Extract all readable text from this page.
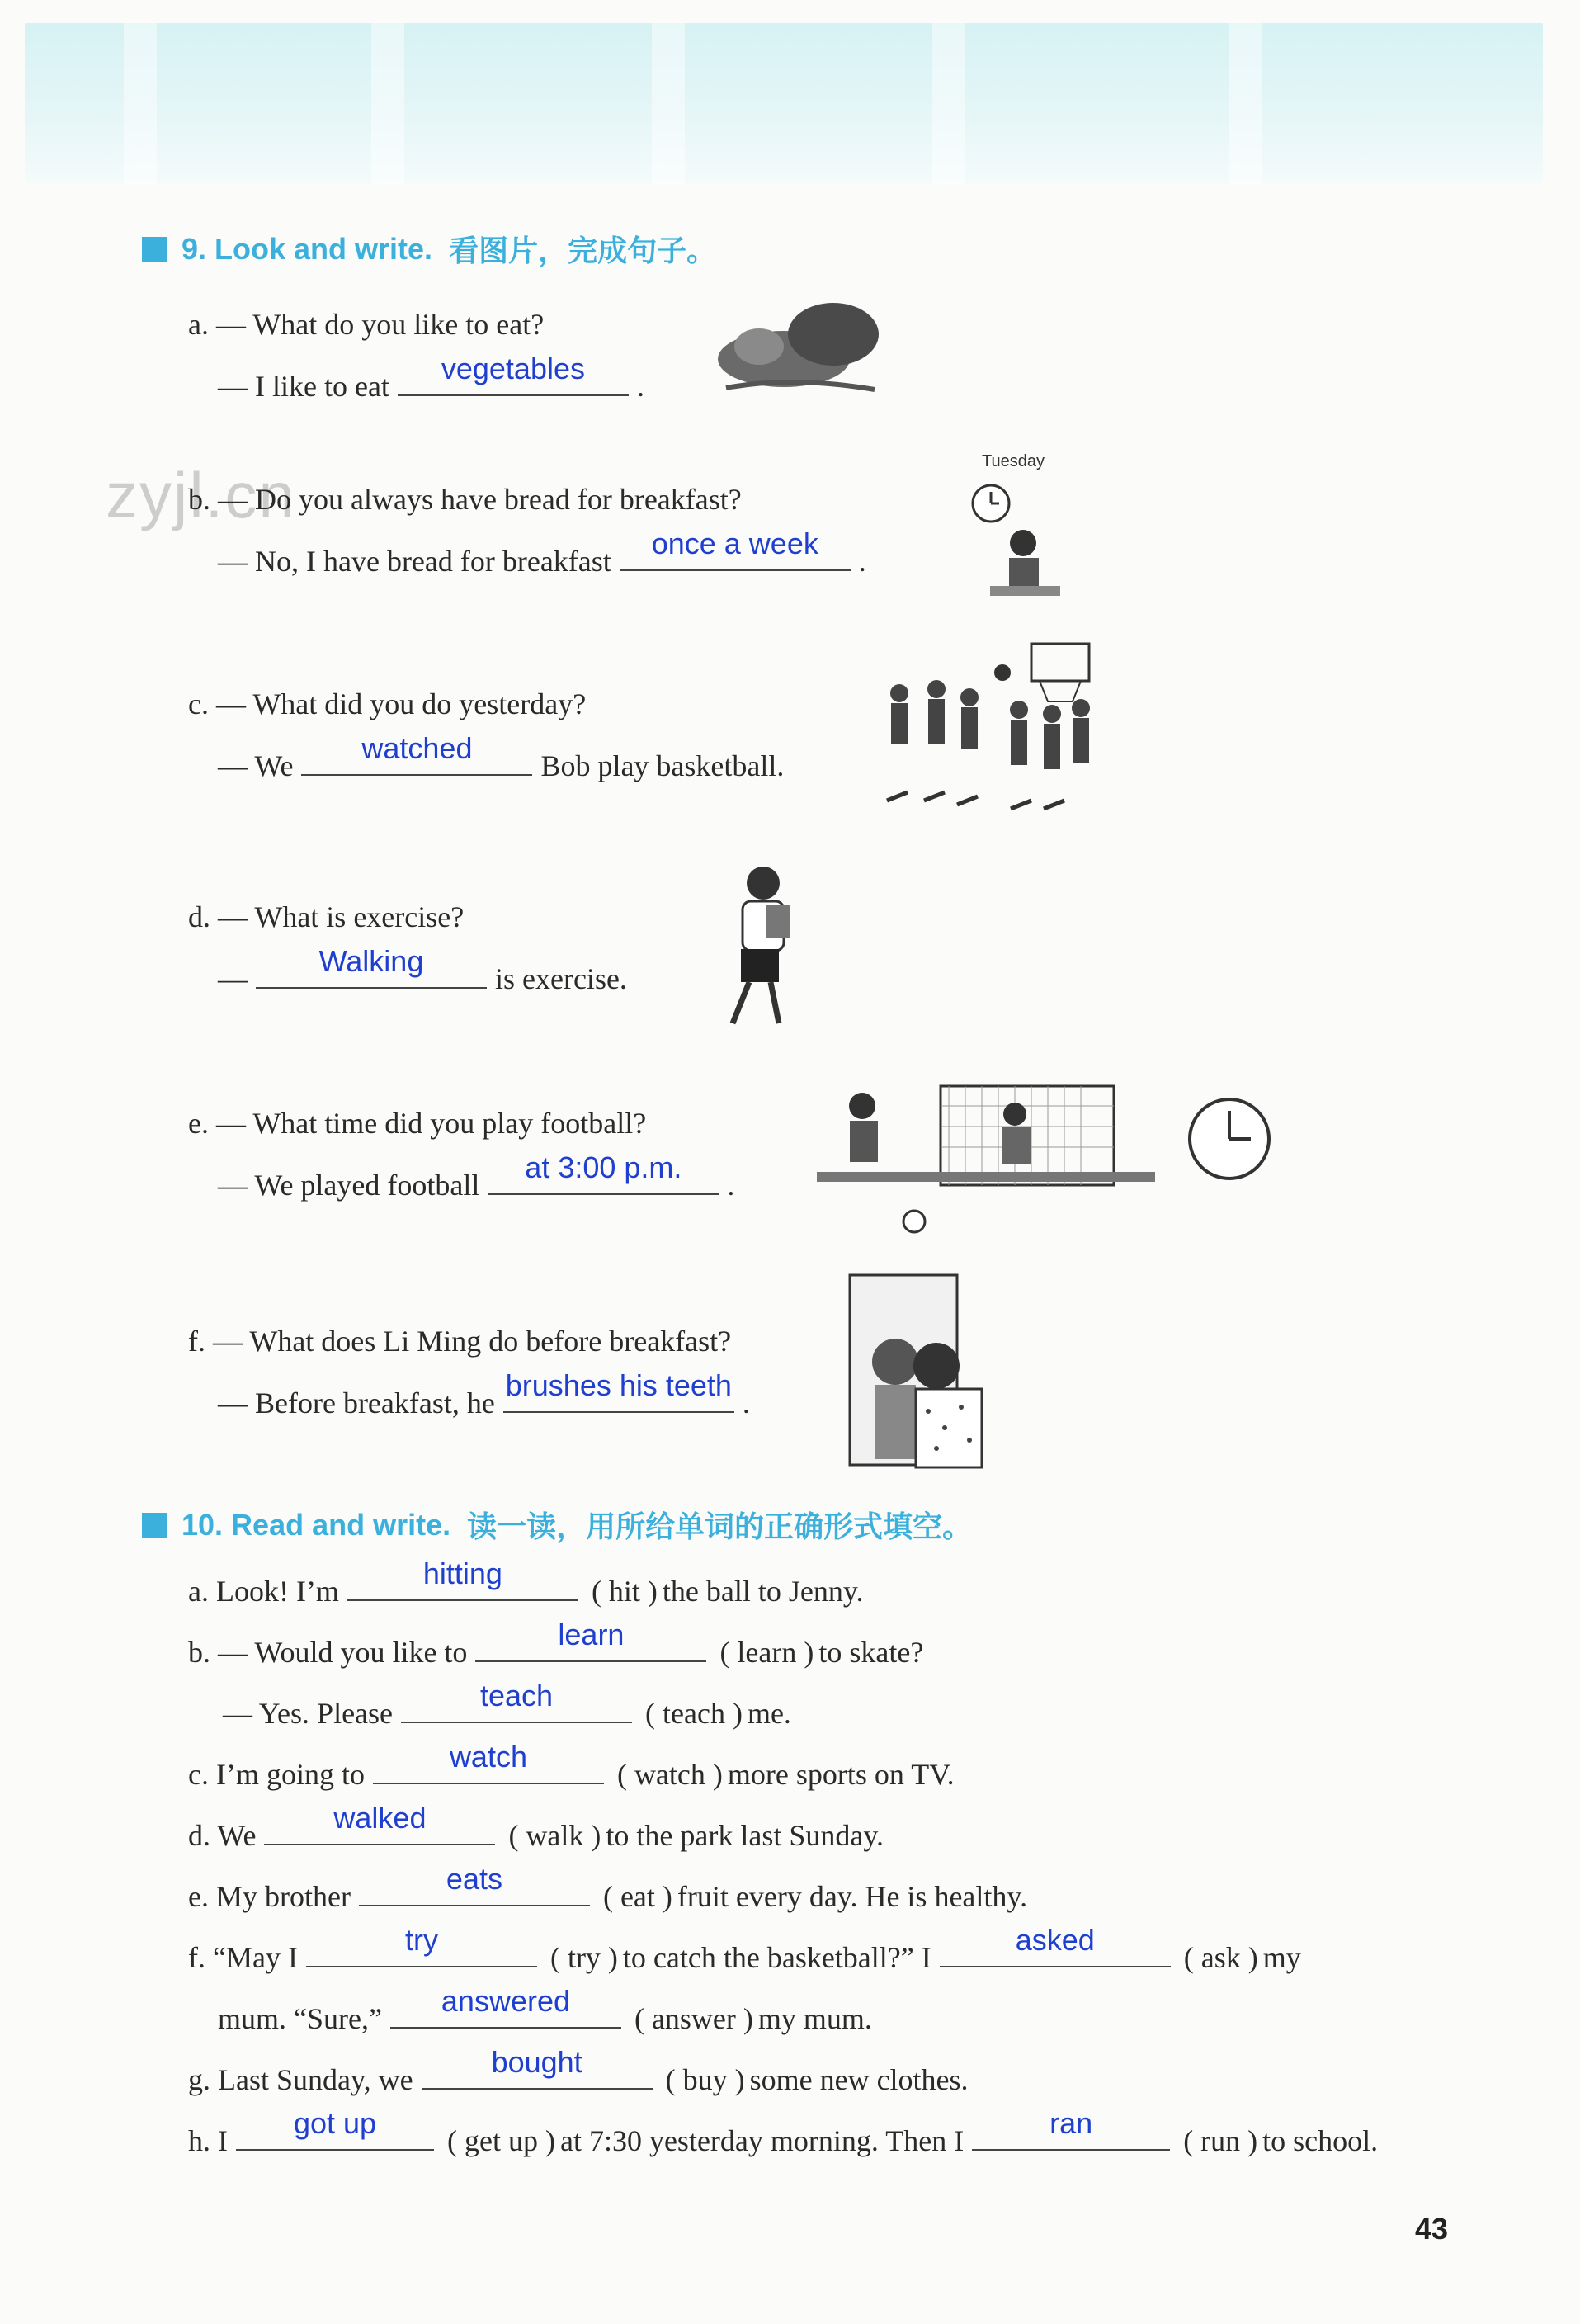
zyjl.cn
9. Look and write. 看图片，完成句子。
a. — What do you like to eat?
— I like to eat
vegetables
.
b. — Do you always have bread for breakfast?
— No, I have bread for breakfast
once a week
.
c. — What did you do yesterday?
— We
watched
Bob play basketball.
d. — What is exercise?
—
Walking
is exercise.
e. — What time did you play football?
— We played football
at 3:00 p.m.
.
f. — What does Li Ming do before breakfast?
— Before breakfast, he
brushes his teeth
.
Tuesday
10. Read and write. 读一读，用所给单词的正确形式填空。
a. Look! I’m
hitting
( hit ) the ball to Jenny.
b. — Would you like to
learn
( learn ) to skate?
— Yes. Please
teach
( teach ) me.
c. I’m going to
watch
( watch ) more sports on TV.
d. We
walked
( walk ) to the park last Sunday.
e. My brother
eats
( eat ) fruit every day. He is healthy.
f. “May I
try
( try ) to catch the basketball?” I
asked
( ask ) my
mum. “Sure,”
answered
( answer ) my mum.
g. Last Sunday, we
bought
( buy ) some new clothes.
h. I
got up
( get up ) at 7:30 yesterday morning. Then I
ran
( run ) to school.
43
